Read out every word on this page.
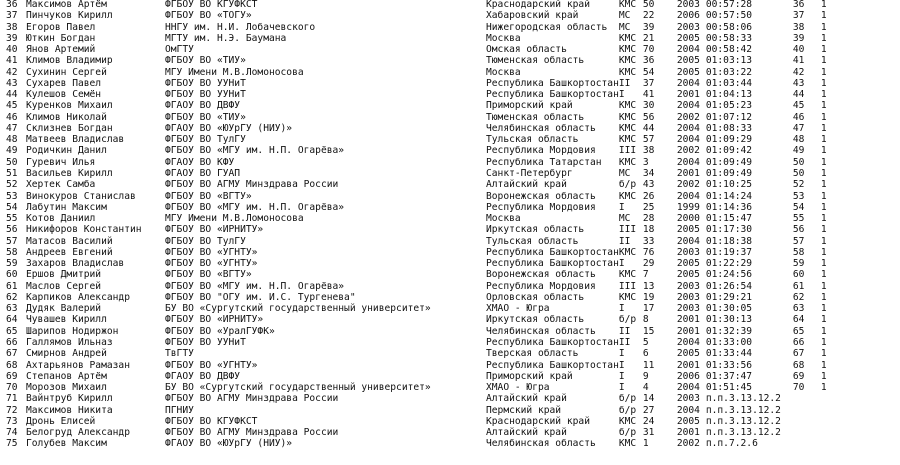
36	Максимов Артём	ФГБОУ ВО КГУФКСТ	Краснодарский край	КМС	50	2003	00:57:28	36	1
37	Пинчуков Кирилл	ФГБОУ ВО «ТОГУ»	Хабаровский край	МС	22	2006	00:57:50	37	1
38	Егоров Павел	ННГУ им. Н.И. Лобачевского	Нижегородская область	МС	39	2003	00:58:06	38	1
39	Юткин Богдан	МГТУ им. Н.Э. Баумана	Москва	КМС	21	2005	00:58:33	39	1
40	Янов Артемий	ОмГТУ	Омская область	КМС	70	2004	00:58:42	40	1
41	Климов Владимир	ФГБОУ ВО «ТИУ»	Тюменская область	КМС	36	2005	01:03:13	41	1
42	Сухинин Сергей	МГУ Имени М.В.Ломоносова	Москва	КМС	54	2005	01:03:22	42	1
43	Сухарев Павел	ФГБОУ ВО УУНиТ	Республика Башкортостан	II	37	2004	01:03:44	43	1
44	Кулешов Семён	ФГБОУ ВО УУНиТ	Республика Башкортостан	I	41	2001	01:04:13	44	1
45	Куренков Михаил	ФГАОУ ВО ДВФУ	Приморский край	КМС	30	2004	01:05:23	45	1
46	Климов Николай	ФГБОУ ВО «ТИУ»	Тюменская область	КМС	56	2002	01:07:12	46	1
47	Склизнев Богдан	ФГАОУ ВО «ЮУрГУ (НИУ)»	Челябинская область	КМС	44	2004	01:08:33	47	1
48	Матвеев Владислав	ФГБОУ ВО ТулГУ	Тульская область	КМС	57	2004	01:09:29	48	1
49	Родичкин Данил	ФГБОУ ВО «МГУ им. Н.П. Огарёва»	Республика Мордовия	III	38	2002	01:09:42	49	1
50	Гуревич Илья	ФГАОУ ВО КФУ	Республика Татарстан	КМС	3	2004	01:09:49	50	1
51	Васильев Кирилл	ФГАОУ ВО ГУАП	Санкт-Петербург	МС	34	2001	01:09:49	50	1
52	Хертек Самба	ФГБОУ ВО АГМУ Минздрава России	Алтайский край	б/р	43	2002	01:10:25	52	1
53	Винокуров Станислав	ФГБОУ ВО «ВГТУ»	Воронежская область	КМС	26	2004	01:14:24	53	1
54	Лабутин Максим	ФГБОУ ВО «МГУ им. Н.П. Огарёва»	Республика Мордовия	I	25	1999	01:14:36	54	1
55	Котов Даниил	МГУ Имени М.В.Ломоносова	Москва	МС	28	2000	01:15:47	55	1
56	Никифоров Константин	ФГБОУ ВО «ИРНИТУ»	Иркутская область	III	18	2005	01:17:30	56	1
57	Матасов Василий	ФГБОУ ВО ТулГУ	Тульская область	II	33	2004	01:18:38	57	1
58	Андреев Евгений	ФГБОУ ВО «УГНТУ»	Республика Башкортостан	КМС	76	2003	01:19:37	58	1
59	Захаров Владислав	ФГБОУ ВО «УГНТУ»	Республика Башкортостан	I	29	2005	01:22:29	59	1
60	Ершов Дмитрий	ФГБОУ ВО «ВГТУ»	Воронежская область	КМС	7	2005	01:24:56	60	1
61	Маслов Сергей	ФГБОУ ВО «МГУ им. Н.П. Огарёва»	Республика Мордовия	III	13	2003	01:26:54	61	1
62	Карпиков Александр	ФГБОУ ВО "ОГУ им. И.С. Тургенева"	Орловская область	КМС	19	2003	01:29:21	62	1
63	Дудяк Валерий	БУ ВО «Сургутский государственный университет»	ХМАО - Югра	I	17	2003	01:30:05	63	1
64	Чувашев Кирилл	ФГБОУ ВО «ИРНИТУ»	Иркутская область	б/р	8	2001	01:30:13	64	1
65	Шарипов Нодиржон	ФГБОУ ВО «УралГУФК»	Челябинская область	II	15	2001	01:32:39	65	1
66	Галлямов Ильназ	ФГБОУ ВО УУНиТ	Республика Башкортостан	II	5	2004	01:33:00	66	1
67	Смирнов Андрей	ТвГТУ	Тверская область	I	6	2005	01:33:44	67	1
68	Ахтарьянов Рамазан	ФГБОУ ВО «УГНТУ»	Республика Башкортостан	I	11	2001	01:33:56	68	1
69	Степанов Артём	ФГАОУ ВО ДВФУ	Приморский край	I	9	2006	01:37:47	69	1
70	Морозов Михаил	БУ ВО «Сургутский государственный университет»	ХМАО - Югра	I	4	2004	01:51:45	70	1
71	Вайнтруб Кирилл	ФГБОУ ВО АГМУ Минздрава России	Алтайский край	б/р	14	2003	п.п.3.13.12.2		
72	Максимов Никита	ПГНИУ	Пермский край	б/р	27	2004	п.п.3.13.12.2		
73	Дронь Елисей	ФГБОУ ВО КГУФКСТ	Краснодарский край	КМС	24	2005	п.п.3.13.12.2		
74	Белогруд Александр	ФГБОУ ВО АГМУ Минздрава России	Алтайский край	б/р	31	2001	п.п.3.13.12.2		
75	Голубев Максим	ФГАОУ ВО «ЮУрГУ (НИУ)»	Челябинская область	КМС	1	2002	п.п.7.2.6		
